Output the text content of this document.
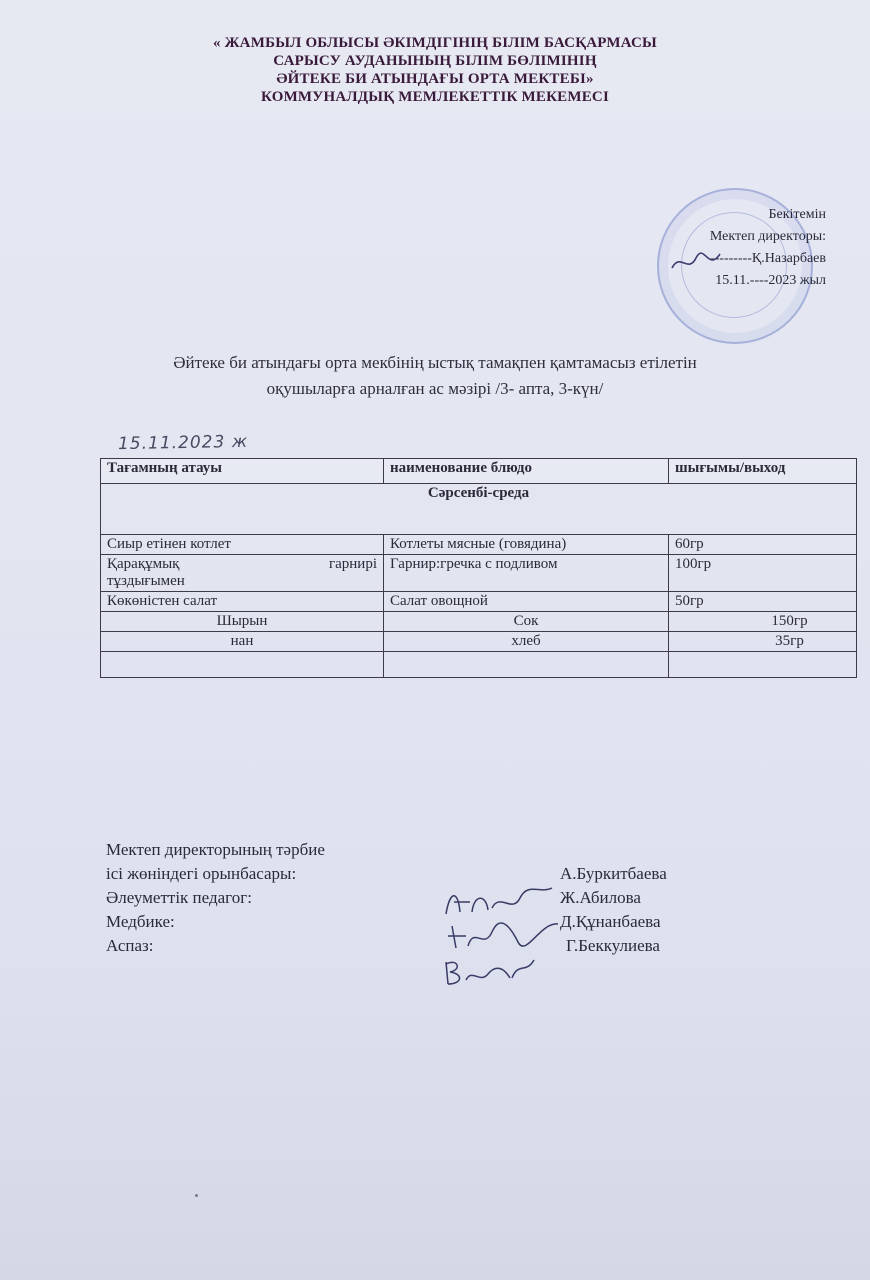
« ЖАМБЫЛ ОБЛЫСЫ ӘКІМДІГІНІҢ БІЛІМ БАСҚАРМАСЫ
САРЫСУ АУДАНЫНЫҢ БІЛІМ БӨЛІМІНІҢ
ӘЙТЕКЕ БИ АТЫНДАҒЫ ОРТА МЕКТЕБІ»
КОММУНАЛДЫҚ МЕМЛЕКЕТТІК МЕКЕМЕСІ
Бекітемін
Мектеп директоры:
---------Қ.Назарбаев
15.11.----2023 жыл
Әйтеке би атындағы орта мекбінің ыстық тамақпен қамтамасыз етілетін
оқушыларға арналған ас мәзірі /3- апта, 3-күн/
15.11.2023 ж
Тағамның атауы	наименование блюдо	шығымы/выход
Сәрсенбі-среда		
Сиыр етінен котлет	Котлеты мясные (говядина)	60гр

Қарақұмық гарнирі
тұздығымен	Гарнир:гречка с подливом	100гр
Көкөністен салат	Салат овощной	50гр
Шырын	Сок	150гр
нан	хлеб	35гр

Мектеп директорының тәрбие
ісі жөніндегі орынбасары:	А.Буркитбаева
Әлеуметтік педагог:	Ж.Абилова
Медбике:	Д.Құнанбаева
Аспаз:	Г.Беккулиева
